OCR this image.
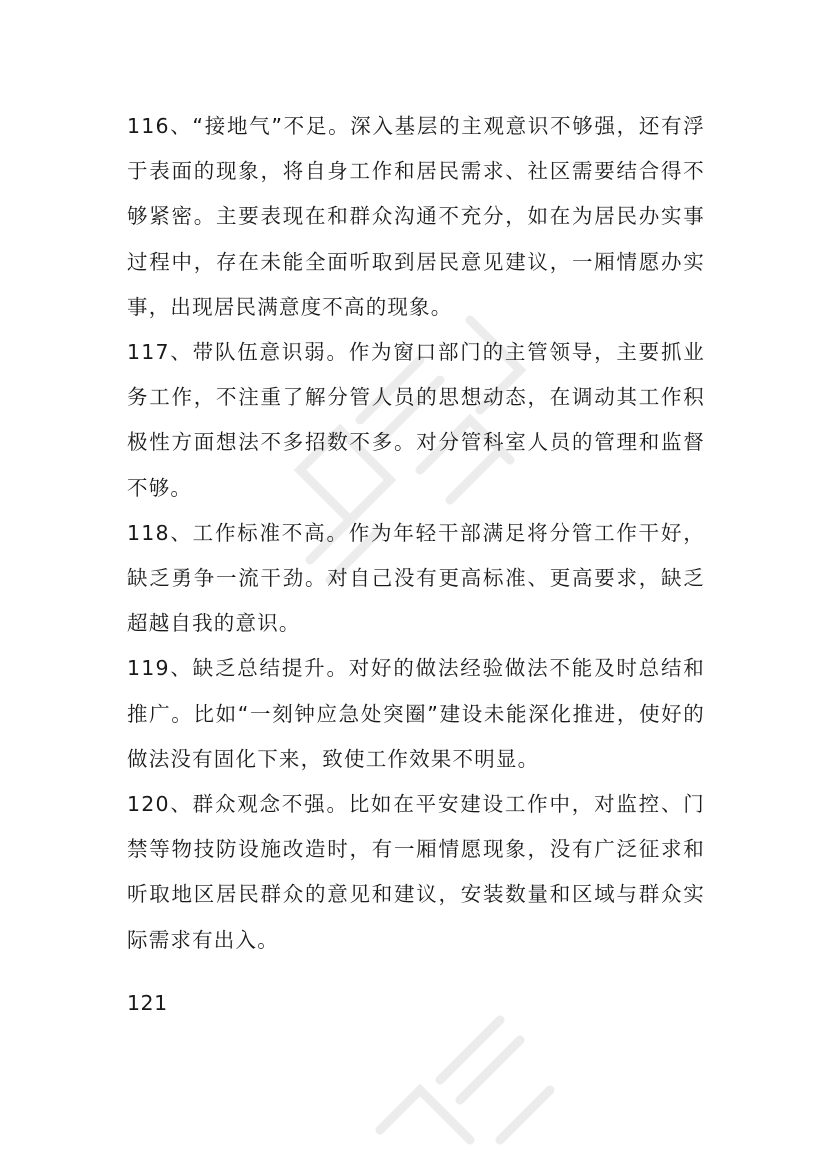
116、“接地气”不足。深入基层的主观意识不够强，还有浮于表面的现象，将自身工作和居民需求、社区需要结合得不够紧密。主要表现在和群众沟通不充分，如在为居民办实事过程中，存在未能全面听取到居民意见建议，一厢情愿办实事，出现居民满意度不高的现象。

117、带队伍意识弱。作为窗口部门的主管领导，主要抓业务工作，不注重了解分管人员的思想动态，在调动其工作积极性方面想法不多招数不多。对分管科室人员的管理和监督不够。

118、工作标准不高。作为年轻干部满足将分管工作干好，缺乏勇争一流干劲。对自己没有更高标准、更高要求，缺乏超越自我的意识。

119、缺乏总结提升。对好的做法经验做法不能及时总结和推广。比如“一刻钟应急处突圈”建设未能深化推进，使好的做法没有固化下来，致使工作效果不明显。

120、群众观念不强。比如在平安建设工作中，对监控、门禁等物技防设施改造时，有一厢情愿现象，没有广泛征求和听取地区居民群众的意见和建议，安装数量和区域与群众实际需求有出入。

121
